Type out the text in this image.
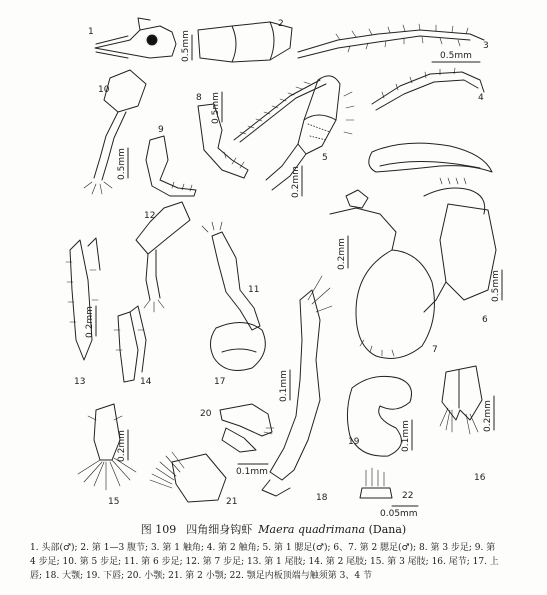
1	0.5mm
2
0.5mm
3
4
0.2mm
5
10
0.5mm
8
0.5mm
9
0.5mm
6
0.2mm
7
12
11
0.2mm
13	14	17	0.1mm
18
0.1mm
19
0.2mm
16
0.1mm
20
0.2mm
15	21
0.05mm
22

图 109 四角细身钩虾 Maera quadrimana (Dana)

1. 头部(♂); 2. 第 1—3 腹节; 3. 第 1 触角; 4. 第 2 触角; 5. 第 1 腮足(♂); 6、7. 第 2 腮足(♂); 8. 第 3 步足; 9. 第
4 步足; 10. 第 5 步足; 11. 第 6 步足; 12. 第 7 步足; 13. 第 1 尾肢; 14. 第 2 尾肢; 15. 第 3 尾肢; 16. 尾节; 17. 上
唇; 18. 大颚; 19. 下唇; 20. 小颚; 21. 第 2 小颚; 22. 颚足内板顶端与触须第 3、4 节
